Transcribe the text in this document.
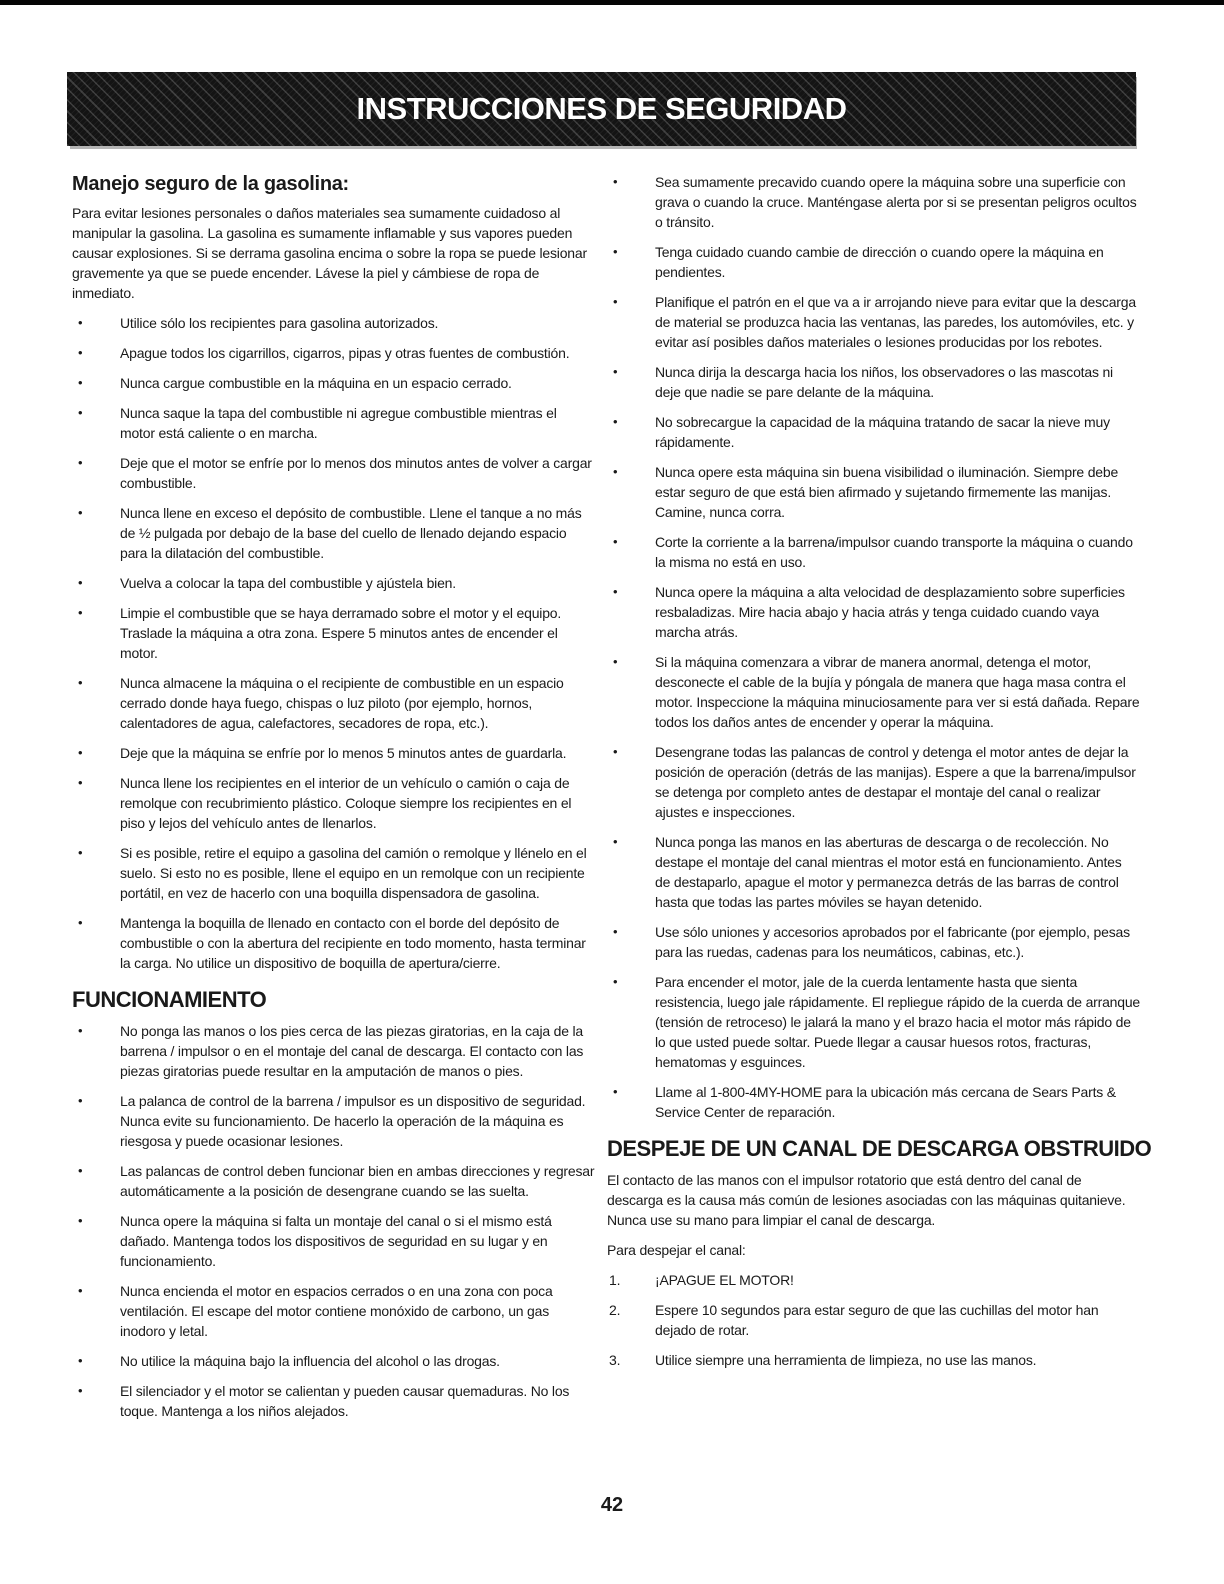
INSTRUCCIONES DE SEGURIDAD
Manejo seguro de la gasolina:

Para evitar lesiones personales o daños materiales sea sumamente cuidadoso al manipular la gasolina. La gasolina es sumamente inflamable y sus vapores pueden causar explosiones. Si se derrama gasolina encima o sobre la ropa se puede lesionar gravemente ya que se puede encender. Lávese la piel y cámbiese de ropa de inmediato.

•	Utilice sólo los recipientes para gasolina autorizados.
•	Apague todos los cigarrillos, cigarros, pipas y otras fuentes de combustión.
•	Nunca cargue combustible en la máquina en un espacio cerrado.
•	Nunca saque la tapa del combustible ni agregue combustible mientras el motor está caliente o en marcha.
•	Deje que el motor se enfríe por lo menos dos minutos antes de volver a cargar combustible.
•	Nunca llene en exceso el depósito de combustible. Llene el tanque a no más de ½ pulgada por debajo de la base del cuello de llenado dejando espacio para la dilatación del combustible.
•	Vuelva a colocar la tapa del combustible y ajústela bien.
•	Limpie el combustible que se haya derramado sobre el motor y el equipo. Traslade la máquina a otra zona. Espere 5 minutos antes de encender el motor.
•	Nunca almacene la máquina o el recipiente de combustible en un espacio cerrado donde haya fuego, chispas o luz piloto (por ejemplo, hornos, calentadores de agua, calefactores, secadores de ropa, etc.).
•	Deje que la máquina se enfríe por lo menos 5 minutos antes de guardarla.
•	Nunca llene los recipientes en el interior de un vehículo o camión o caja de remolque con recubrimiento plástico. Coloque siempre los recipientes en el piso y lejos del vehículo antes de llenarlos.
•	Si es posible, retire el equipo a gasolina del camión o remolque y llénelo en el suelo. Si esto no es posible, llene el equipo en un remolque con un recipiente portátil, en vez de hacerlo con una boquilla dispensadora de gasolina.
•	Mantenga la boquilla de llenado en contacto con el borde del depósito de combustible o con la abertura del recipiente en todo momento, hasta terminar la carga. No utilice un dispositivo de boquilla de apertura/cierre.
FUNCIONAMIENTO
•	No ponga las manos o los pies cerca de las piezas giratorias, en la caja de la barrena / impulsor o en el montaje del canal de descarga. El contacto con las piezas giratorias puede resultar en la amputación de manos o pies.
•	La palanca de control de la barrena / impulsor es un dispositivo de seguridad. Nunca evite su funcionamiento. De hacerlo la operación de la máquina es riesgosa y puede ocasionar lesiones.
•	Las palancas de control deben funcionar bien en ambas direcciones y regresar automáticamente a la posición de desengrane cuando se las suelta.
•	Nunca opere la máquina si falta un montaje del canal o si el mismo está dañado. Mantenga todos los dispositivos de seguridad en su lugar y en funcionamiento.
•	Nunca encienda el motor en espacios cerrados o en una zona con poca ventilación. El escape del motor contiene monóxido de carbono, un gas inodoro y letal.
•	No utilice la máquina bajo la influencia del alcohol o las drogas.
•	El silenciador y el motor se calientan y pueden causar quemaduras. No los toque. Mantenga a los niños alejados.
•	Sea sumamente precavido cuando opere la máquina sobre una superficie con grava o cuando la cruce. Manténgase alerta por si se presentan peligros ocultos o tránsito.
•	Tenga cuidado cuando cambie de dirección o cuando opere la máquina en pendientes.
•	Planifique el patrón en el que va a ir arrojando nieve para evitar que la descarga de material se produzca hacia las ventanas, las paredes, los automóviles, etc. y evitar así posibles daños materiales o lesiones producidas por los rebotes.
•	Nunca dirija la descarga hacia los niños, los observadores o las mascotas ni deje que nadie se pare delante de la máquina.
•	No sobrecargue la capacidad de la máquina tratando de sacar la nieve muy rápidamente.
•	Nunca opere esta máquina sin buena visibilidad o iluminación. Siempre debe estar seguro de que está bien afirmado y sujetando firmemente las manijas. Camine, nunca corra.
•	Corte la corriente a la barrena/impulsor cuando transporte la máquina o cuando la misma no está en uso.
•	Nunca opere la máquina a alta velocidad de desplazamiento sobre superficies resbaladizas. Mire hacia abajo y hacia atrás y tenga cuidado cuando vaya marcha atrás.
•	Si la máquina comenzara a vibrar de manera anormal, detenga el motor, desconecte el cable de la bujía y póngala de manera que haga masa contra el motor. Inspeccione la máquina minuciosamente para ver si está dañada. Repare todos los daños antes de encender y operar la máquina.
•	Desengrane todas las palancas de control y detenga el motor antes de dejar la posición de operación (detrás de las manijas). Espere a que la barrena/impulsor se detenga por completo antes de destapar el montaje del canal o realizar ajustes e inspecciones.
•	Nunca ponga las manos en las aberturas de descarga o de recolección. No destape el montaje del canal mientras el motor está en funcionamiento. Antes de destaparlo, apague el motor y permanezca detrás de las barras de control hasta que todas las partes móviles se hayan detenido.
•	Use sólo uniones y accesorios aprobados por el fabricante (por ejemplo, pesas para las ruedas, cadenas para los neumáticos, cabinas, etc.).
•	Para encender el motor, jale de la cuerda lentamente hasta que sienta resistencia, luego jale rápidamente. El repliegue rápido de la cuerda de arranque (tensión de retroceso) le jalará la mano y el brazo hacia el motor más rápido de lo que usted puede soltar. Puede llegar a causar huesos rotos, fracturas, hematomas y esguinces.
•	Llame al 1-800-4MY-HOME para la ubicación más cercana de Sears Parts & Service Center de reparación.
DESPEJE DE UN CANAL DE DESCARGA OBSTRUIDO

El contacto de las manos con el impulsor rotatorio que está dentro del canal de descarga es la causa más común de lesiones asociadas con las máquinas quitanieve. Nunca use su mano para limpiar el canal de descarga.

Para despejar el canal:

1. ¡APAGUE EL MOTOR!
2. Espere 10 segundos para estar seguro de que las cuchillas del motor han dejado de rotar.
3. Utilice siempre una herramienta de limpieza, no use las manos.
42
